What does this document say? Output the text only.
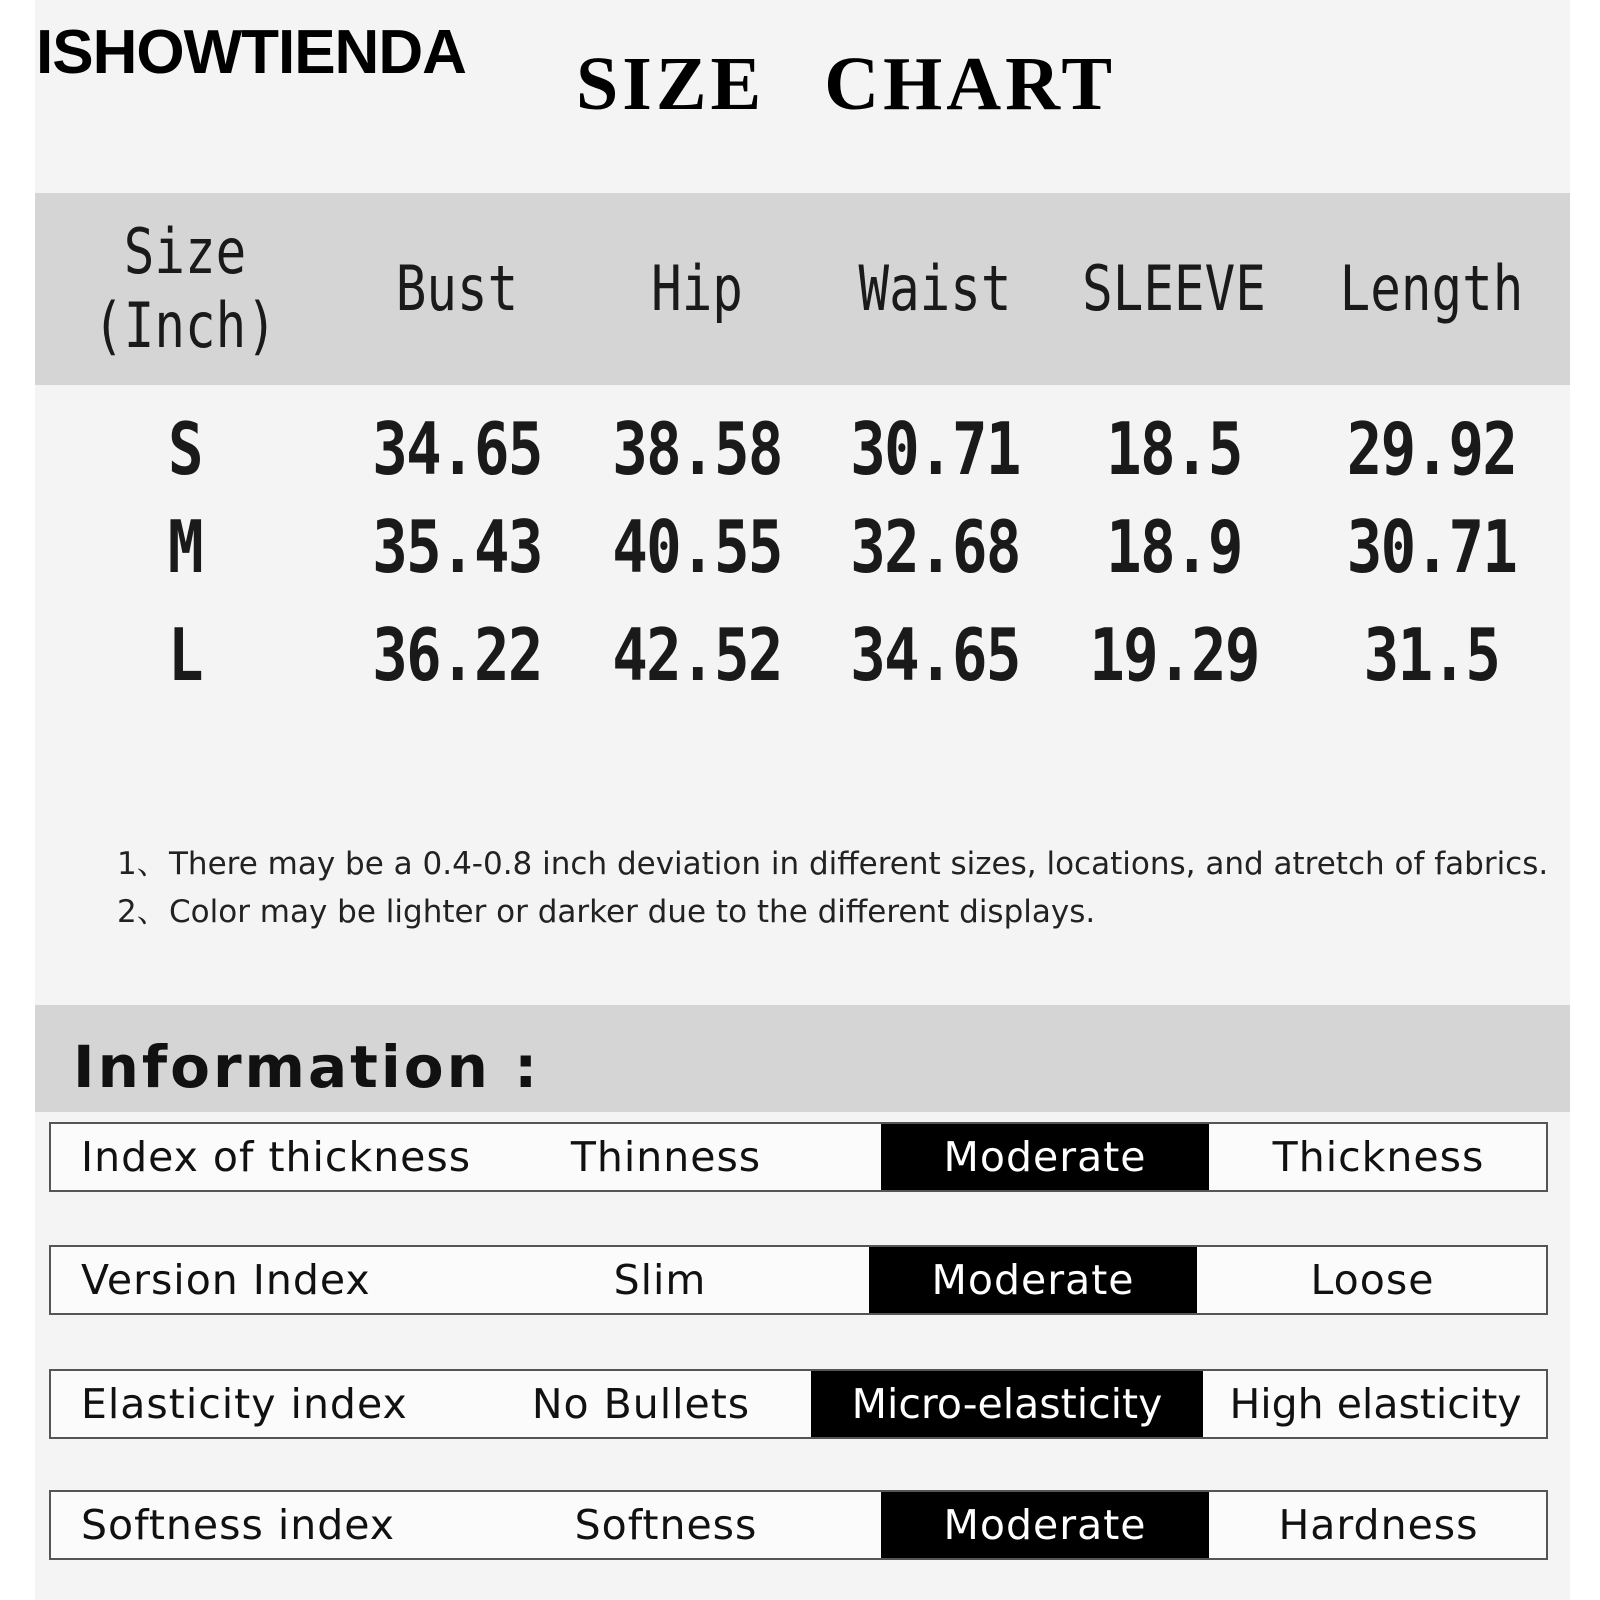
ISHOWTIENDA SIZE CHART
Size
(Inch)	Bust	Hip	Waist	SLEEVE	Length
S	34.65	38.58	30.71	18.5	29.92
M	35.43	40.55	32.68	18.9	30.71
L	36.22	42.52	34.65	19.29	31.5
1、There may be a 0.4-0.8 inch deviation in different sizes, locations, and atretch of fabrics.
2、Color may be lighter or darker due to the different displays.
Information :
Index of thickness	Thinness	Moderate	Thickness
Version Index	Slim	Moderate	Loose
Elasticity index	No Bullets	Micro-elasticity	High elasticity
Softness index	Softness	Moderate	Hardness
